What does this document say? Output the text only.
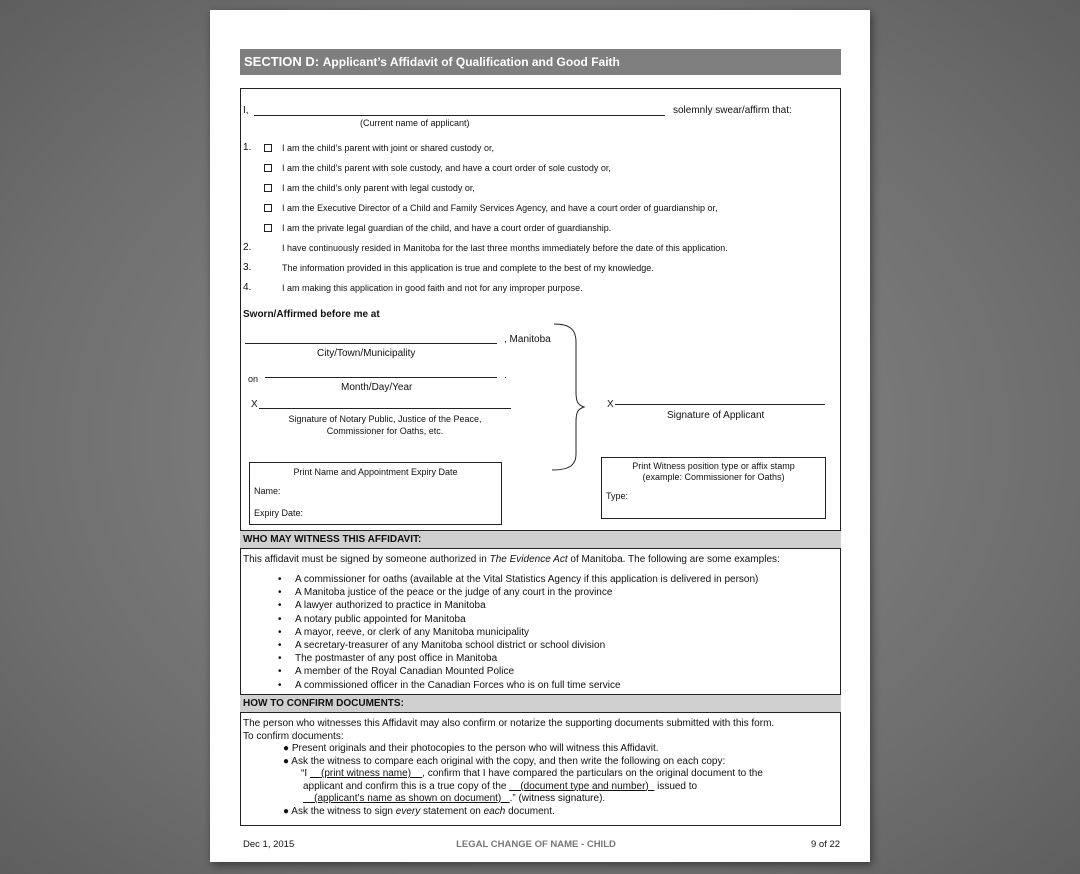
SECTION D: Applicant’s Affidavit of Qualification and Good Faith
I,	solemnly swear/affirm that:
(Current name of applicant)
Sworn/Affirmed before me at
, Manitoba
City/Town/Municipality
on	.
Month/Day/Year
X
Signature of Notary Public, Justice of the Peace,
Commissioner for Oaths, etc.
X
Signature of Applicant
Print Name and Appointment Expiry Date
Name:
Expiry Date:
Print Witness position type or affix stamp
(example: Commissioner for Oaths)
Type:
WHO MAY WITNESS THIS AFFIDAVIT:
This affidavit must be signed by someone authorized in The Evidence Act of Manitoba. The following are some examples:
• A commissioner for oaths (available at the Vital Statistics Agency if this application is delivered in person)
• A Manitoba justice of the peace or the judge of any court in the province
• A lawyer authorized to practice in Manitoba
• A notary public appointed for Manitoba
• A mayor, reeve, or clerk of any Manitoba municipality
• A secretary-treasurer of any Manitoba school district or school division
• The postmaster of any post office in Manitoba
• A member of the Royal Canadian Mounted Police
• A commissioned officer in the Canadian Forces who is on full time service
HOW TO CONFIRM DOCUMENTS:
The person who witnesses this Affidavit may also confirm or notarize the supporting documents submitted with this form.
To confirm documents:
● Present originals and their photocopies to the person who will witness this Affidavit.
● Ask the witness to compare each original with the copy, and then write the following on each copy:
“I     (print witness name)    , confirm that I have compared the particulars on the original document to the
applicant and confirm this is a true copy of the     (document type and number)   issued to
(applicant’s name as shown on document)   .” (witness signature).
● Ask the witness to sign every statement on each document.
Dec 1, 2015	LEGAL CHANGE OF NAME - CHILD	9 of 22
1.	I am the child’s parent with joint or shared custody or,
I am the child’s parent with sole custody, and have a court order of sole custody or,
I am the child’s only parent with legal custody or,
I am the Executive Director of a Child and Family Services Agency, and have a court order of guardianship or,
I am the private legal guardian of the child, and have a court order of guardianship.
2.	I have continuously resided in Manitoba for the last three months immediately before the date of this application.
3.	The information provided in this application is true and complete to the best of my knowledge.
4.	I am making this application in good faith and not for any improper purpose.
